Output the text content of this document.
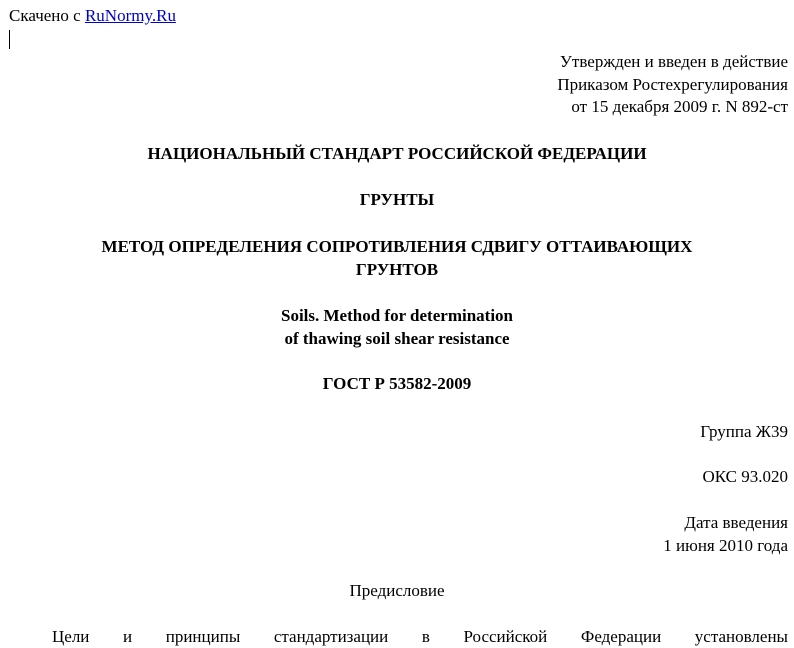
Скачено с RuNormy.Ru
Утвержден и введен в действие
Приказом Ростехрегулирования
от 15 декабря 2009 г. N 892-ст
НАЦИОНАЛЬНЫЙ СТАНДАРТ РОССИЙСКОЙ ФЕДЕРАЦИИ
ГРУНТЫ
МЕТОД ОПРЕДЕЛЕНИЯ СОПРОТИВЛЕНИЯ СДВИГУ ОТТАИВАЮЩИХ
ГРУНТОВ
Soils. Method for determination
of thawing soil shear resistance
ГОСТ Р 53582-2009
Группа Ж39
ОКС 93.020
Дата введения
1 июня 2010 года
Предисловие
Цели и принципы стандартизации в Российской Федерации установлены
